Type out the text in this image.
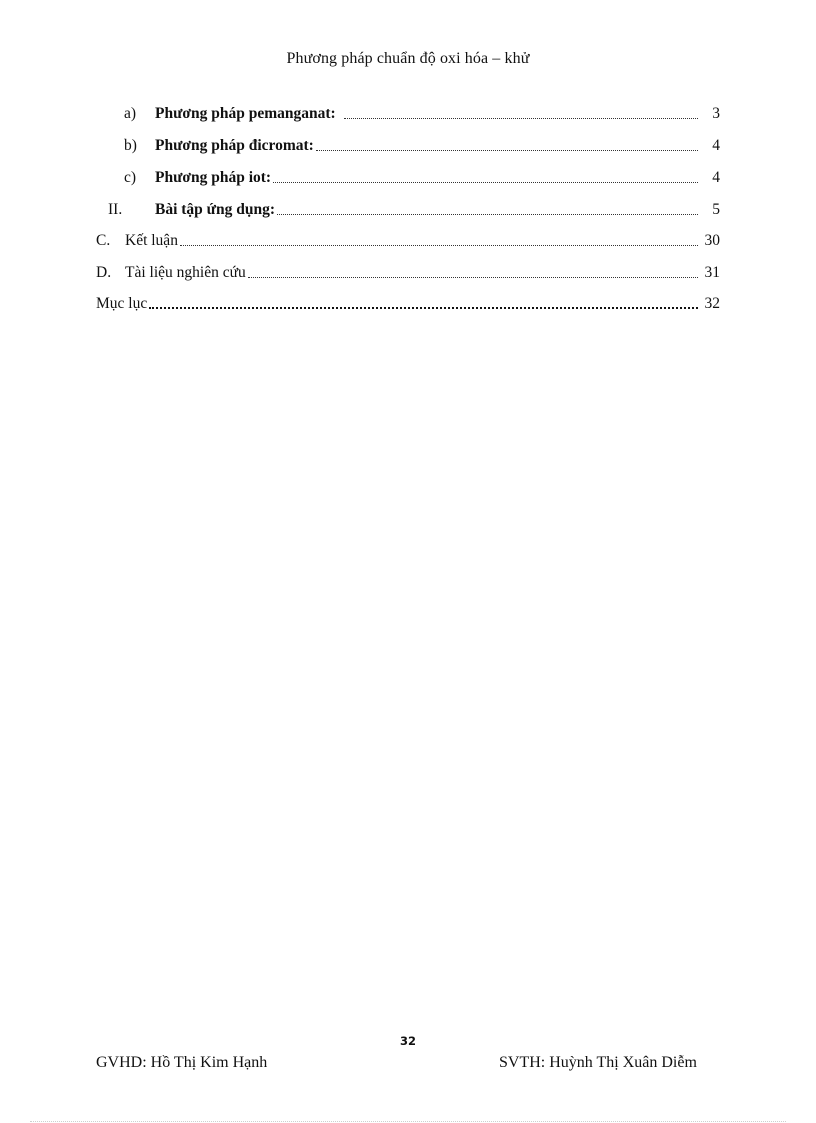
Phương pháp chuẩn độ oxi hóa – khử
a)	Phương pháp pemanganat:	3
b)	Phương pháp đicromat:	4
c)	Phương pháp iot:	4
II.	Bài tập ứng dụng:	5
C. Kết luận	30
D. Tài liệu nghiên cứu	31
Mục lục	32
32
GVHD: Hồ Thị Kim Hạnh	SVTH: Huỳnh Thị Xuân Diễm
